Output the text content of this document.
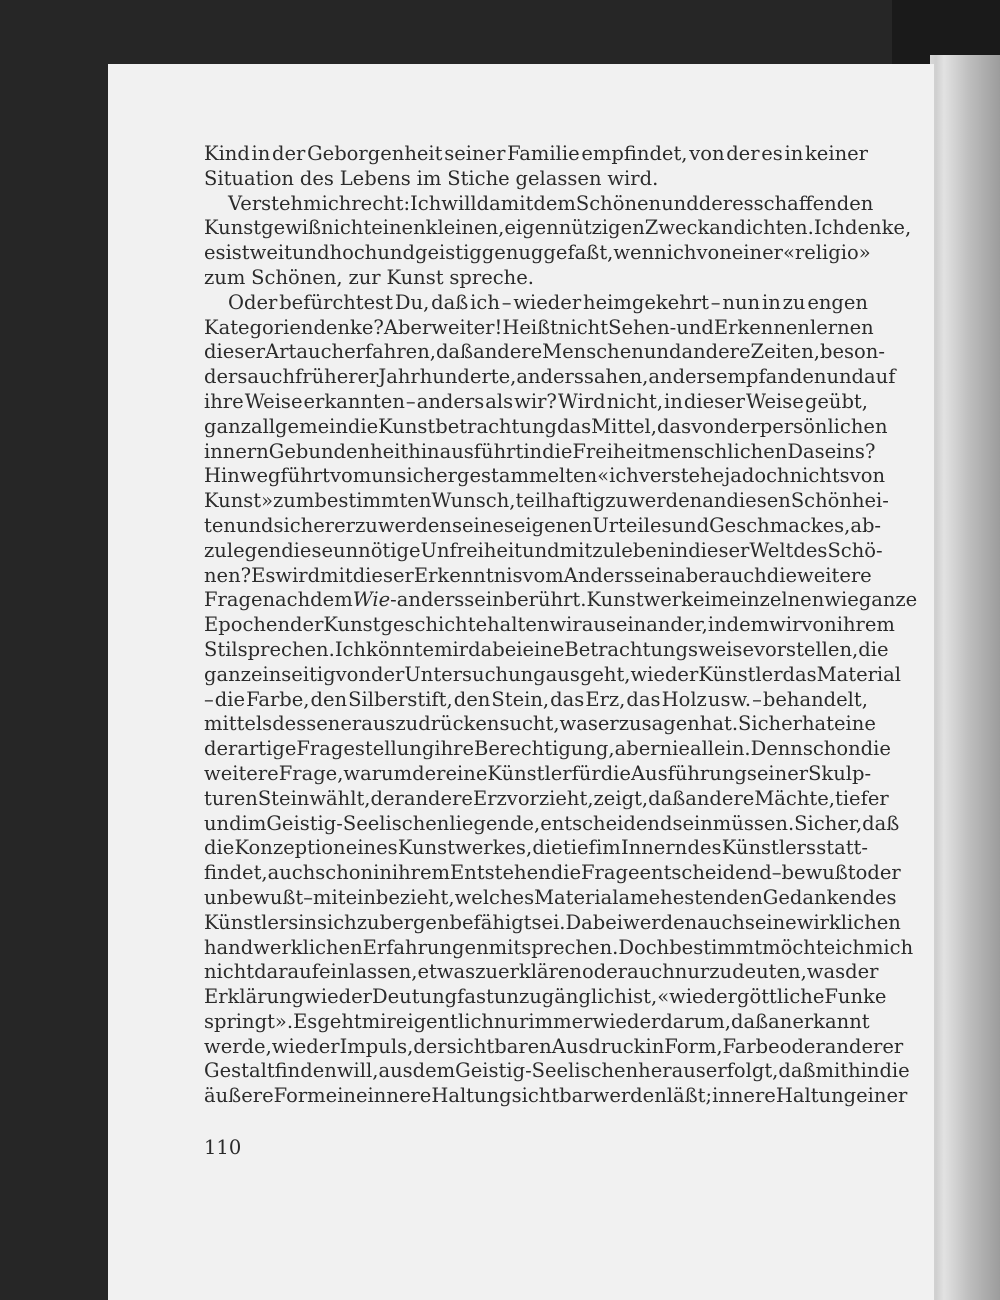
Kind in der Geborgenheit seiner Familie empfindet, von der es in keiner
Situation des Lebens im Stiche gelassen wird.
Versteh mich recht: Ich will damit dem Schönen und der es schaffenden
Kunst gewiß nicht einen kleinen, eigennützigen Zweck andichten. Ich denke,
es ist weit und hoch und geistig genug gefaßt, wenn ich von einer «religio»
zum Schönen, zur Kunst spreche.
Oder befürchtest Du, daß ich – wieder heimgekehrt – nun in zu engen
Kategorien denke? Aber weiter! Heißt nicht Sehen- und Erkennenlernen
dieser Art auch erfahren, daß andere Menschen und andere Zeiten, beson-
ders auch früherer Jahrhunderte, anders sahen, anders empfanden und auf
ihre Weise erkannten – anders als wir? Wird nicht, in dieser Weise geübt,
ganz allgemein die Kunstbetrachtung das Mittel, das von der persönlichen
innern Gebundenheit hinausführt in die Freiheit menschlichen Daseins?
Hinwegführt vom unsicher gestammelten «ich verstehe ja doch nichts von
Kunst» zum bestimmten Wunsch, teilhaftig zu werden an diesen Schönhei-
ten und sicherer zu werden seines eigenen Urteiles und Geschmackes, ab-
zulegen diese unnötige Unfreiheit und mitzuleben in dieser Welt des Schö-
nen? Es wird mit dieser Erkenntnis vom Anderssein aber auch die weitere
Frage nach dem Wie-anderssein berührt. Kunstwerke im einzelnen wie ganze
Epochen der Kunstgeschichte halten wir auseinander, indem wir von ihrem
Stil sprechen. Ich könnte mir dabei eine Betrachtungsweise vorstellen, die
ganz einseitig von der Untersuchung ausgeht, wie der Künstler das Material
– die Farbe, den Silberstift, den Stein, das Erz, das Holz usw. – behandelt,
mittels dessen er auszudrücken sucht, was er zu sagen hat. Sicher hat eine
derartige Fragestellung ihre Berechtigung, aber nie allein. Denn schon die
weitere Frage, warum der eine Künstler für die Ausführung seiner Skulp-
turen Stein wählt, der andere Erz vorzieht, zeigt, daß andere Mächte, tiefer
und im Geistig-Seelischen liegende, entscheidend sein müssen. Sicher, daß
die Konzeption eines Kunstwerkes, die tief im Innern des Künstlers statt-
findet, auch schon in ihrem Entstehen die Frage entscheidend – bewußt oder
unbewußt – miteinbezieht, welches Material am ehesten den Gedanken des
Künstlers in sich zu bergen befähigt sei. Dabei werden auch seine wirklichen
handwerklichen Erfahrungen mitsprechen. Doch bestimmt möchte ich mich
nicht darauf einlassen, etwas zu erklären oder auch nur zu deuten, was der
Erklärung wie der Deutung fast unzugänglich ist, «wie der göttliche Funke
springt». Es geht mir eigentlich nur immer wieder darum, daß anerkannt
werde, wie der Impuls, der sichtbaren Ausdruck in Form, Farbe oder anderer
Gestalt finden will, aus dem Geistig-Seelischen heraus erfolgt, daß mithin die
äußere Form eine innere Haltung sichtbar werden läßt; innere Haltung einer
110
